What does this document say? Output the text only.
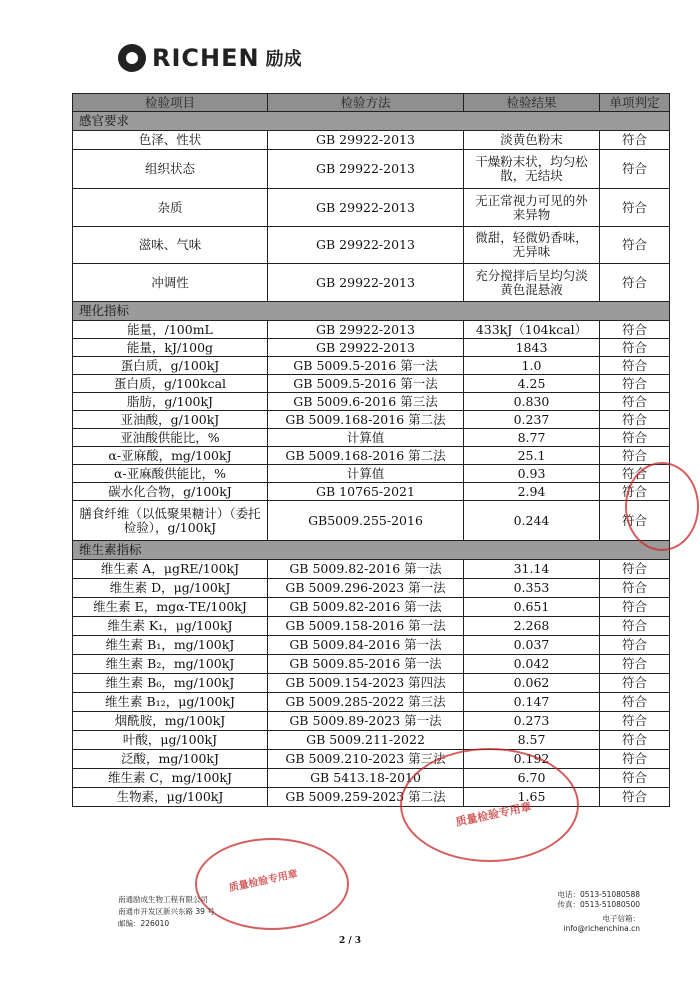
RICHEN 励成
检验项目	检验方法	检验结果	单项判定
感官要求			
色泽、性状	GB 29922-2013	淡黄色粉末	符合
组织状态	GB 29922-2013	干燥粉末状，均匀松散，无结块	符合
杂质	GB 29922-2013	无正常视力可见的外来异物	符合
滋味、气味	GB 29922-2013	微甜，轻微奶香味，无异味	符合
冲调性	GB 29922-2013	充分搅拌后呈均匀淡黄色混悬液	符合
理化指标			
能量，/100mL	GB 29922-2013	433kJ（104kcal）	符合
能量，kJ/100g	GB 29922-2013	1843	符合
蛋白质，g/100kJ	GB 5009.5-2016 第一法	1.0	符合
蛋白质，g/100kcal	GB 5009.5-2016 第一法	4.25	符合
脂肪，g/100kJ	GB 5009.6-2016 第三法	0.830	符合
亚油酸，g/100kJ	GB 5009.168-2016 第二法	0.237	符合
亚油酸供能比，%	计算值	8.77	符合
α-亚麻酸，mg/100kJ	GB 5009.168-2016 第二法	25.1	符合
α-亚麻酸供能比，%	计算值	0.93	符合
碳水化合物，g/100kJ	GB 10765-2021	2.94	符合
膳食纤维（以低聚果糖计）（委托检验），g/100kJ	GB5009.255-2016	0.244	符合
维生素指标			
维生素 A，μgRE/100kJ	GB 5009.82-2016 第一法	31.14	符合
维生素 D，μg/100kJ	GB 5009.296-2023 第一法	0.353	符合
维生素 E，mgα-TE/100kJ	GB 5009.82-2016 第一法	0.651	符合
维生素 K₁，μg/100kJ	GB 5009.158-2016 第一法	2.268	符合
维生素 B₁，mg/100kJ	GB 5009.84-2016 第一法	0.037	符合
维生素 B₂，mg/100kJ	GB 5009.85-2016 第一法	0.042	符合
维生素 B₆，mg/100kJ	GB 5009.154-2023 第四法	0.062	符合
维生素 B₁₂，μg/100kJ	GB 5009.285-2022 第三法	0.147	符合
烟酰胺，mg/100kJ	GB 5009.89-2023 第一法	0.273	符合
叶酸，μg/100kJ	GB 5009.211-2022	8.57	符合
泛酸，mg/100kJ	GB 5009.210-2023 第三法	0.192	符合
维生素 C，mg/100kJ	GB 5413.18-2010	6.70	符合
生物素，μg/100kJ	GB 5009.259-2023 第二法	1.65	符合
质量检验专用章
质量检验专用章
南通励成生物工程有限公司
南通市开发区新兴东路 39 号
邮编：226010
电话：0513-51080588
传真：0513-51080500
电子信箱：info@richenchina.cn
2 / 3
